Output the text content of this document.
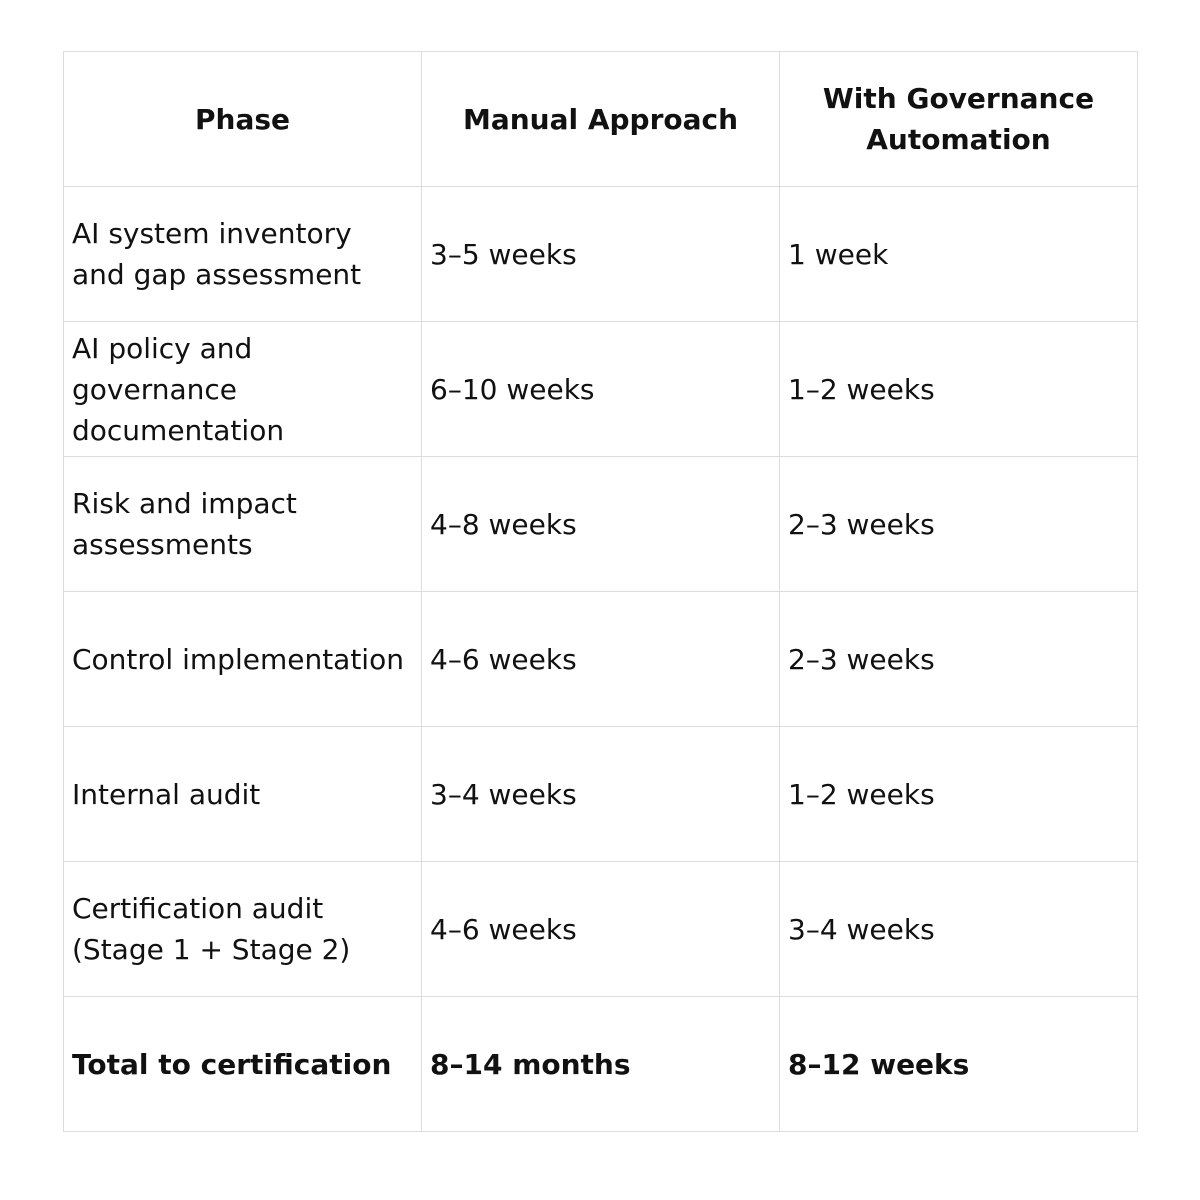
Phase	Manual Approach	With Governance Automation
AI system inventory and gap assessment	3–5 weeks	1 week
AI policy and governance documentation	6–10 weeks	1–2 weeks
Risk and impact assessments	4–8 weeks	2–3 weeks
Control implementation	4–6 weeks	2–3 weeks
Internal audit	3–4 weeks	1–2 weeks
Certification audit (Stage 1 + Stage 2)	4–6 weeks	3–4 weeks
Total to certification	8–14 months	8–12 weeks
